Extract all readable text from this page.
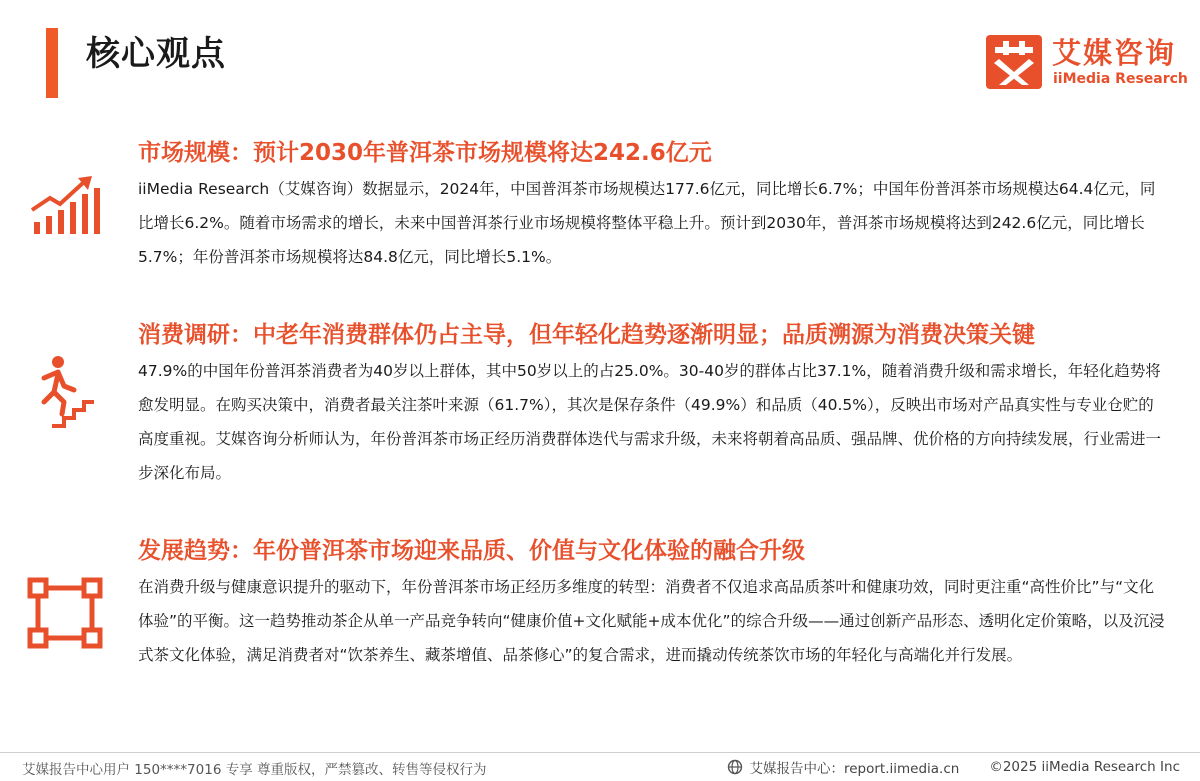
核心观点	艾媒咨询
iiMedia Research
市场规模：预计2030年普洱茶市场规模将达242.6亿元

iiMedia Research（艾媒咨询）数据显示，2024年，中国普洱茶市场规模达177.6亿元，同比增长6.7%；中国年份普洱茶市场规模达64.4亿元，同比增长6.2%。随着市场需求的增长，未来中国普洱茶行业市场规模将整体平稳上升。预计到2030年，普洱茶市场规模将达到242.6亿元，同比增长5.7%；年份普洱茶市场规模将达84.8亿元，同比增长5.1%。

消费调研：中老年消费群体仍占主导，但年轻化趋势逐渐明显；品质溯源为消费决策关键

47.9%的中国年份普洱茶消费者为40岁以上群体，其中50岁以上的占25.0%。30-40岁的群体占比37.1%，随着消费升级和需求增长，年轻化趋势将愈发明显。在购买决策中，消费者最关注茶叶来源（61.7%），其次是保存条件（49.9%）和品质（40.5%），反映出市场对产品真实性与专业仓贮的高度重视。艾媒咨询分析师认为，年份普洱茶市场正经历消费群体迭代与需求升级，未来将朝着高品质、强品牌、优价格的方向持续发展，行业需进一步深化布局。

发展趋势：年份普洱茶市场迎来品质、价值与文化体验的融合升级

在消费升级与健康意识提升的驱动下，年份普洱茶市场正经历多维度的转型：消费者不仅追求高品质茶叶和健康功效，同时更注重“高性价比”与“文化体验”的平衡。这一趋势推动茶企从单一产品竞争转向“健康价值+文化赋能+成本优化”的综合升级——通过创新产品形态、透明化定价策略，以及沉浸式茶文化体验，满足消费者对“饮茶养生、藏茶增值、品茶修心”的复合需求，进而撬动传统茶饮市场的年轻化与高端化并行发展。

艾媒报告中心用户 150****7016 专享 尊重版权，严禁篡改、转售等侵权行为	艾媒报告中心：report.iimedia.cn ©2025 iiMedia Research Inc
